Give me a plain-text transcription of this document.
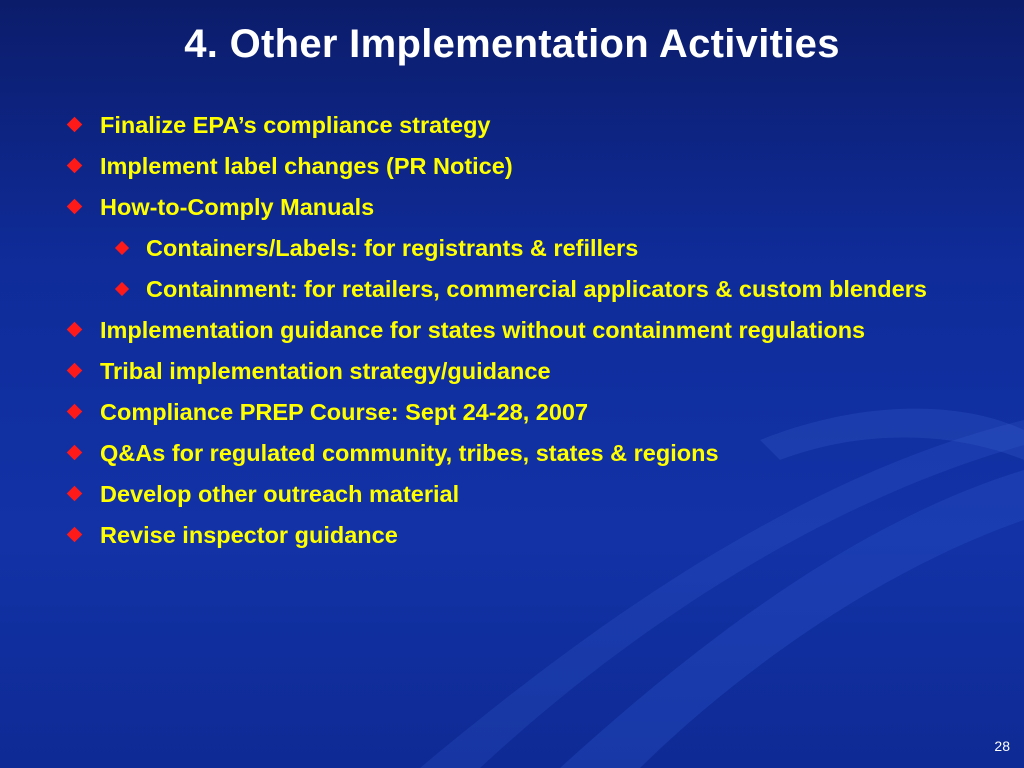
4. Other Implementation Activities
Finalize EPA’s compliance strategy
Implement label changes (PR Notice)
How-to-Comply Manuals
Containers/Labels: for registrants & refillers
Containment: for retailers, commercial applicators & custom blenders
Implementation guidance for states without containment regulations
Tribal implementation strategy/guidance
Compliance PREP Course: Sept 24-28, 2007
Q&As for regulated community, tribes, states & regions
Develop other outreach material
Revise inspector guidance
28
